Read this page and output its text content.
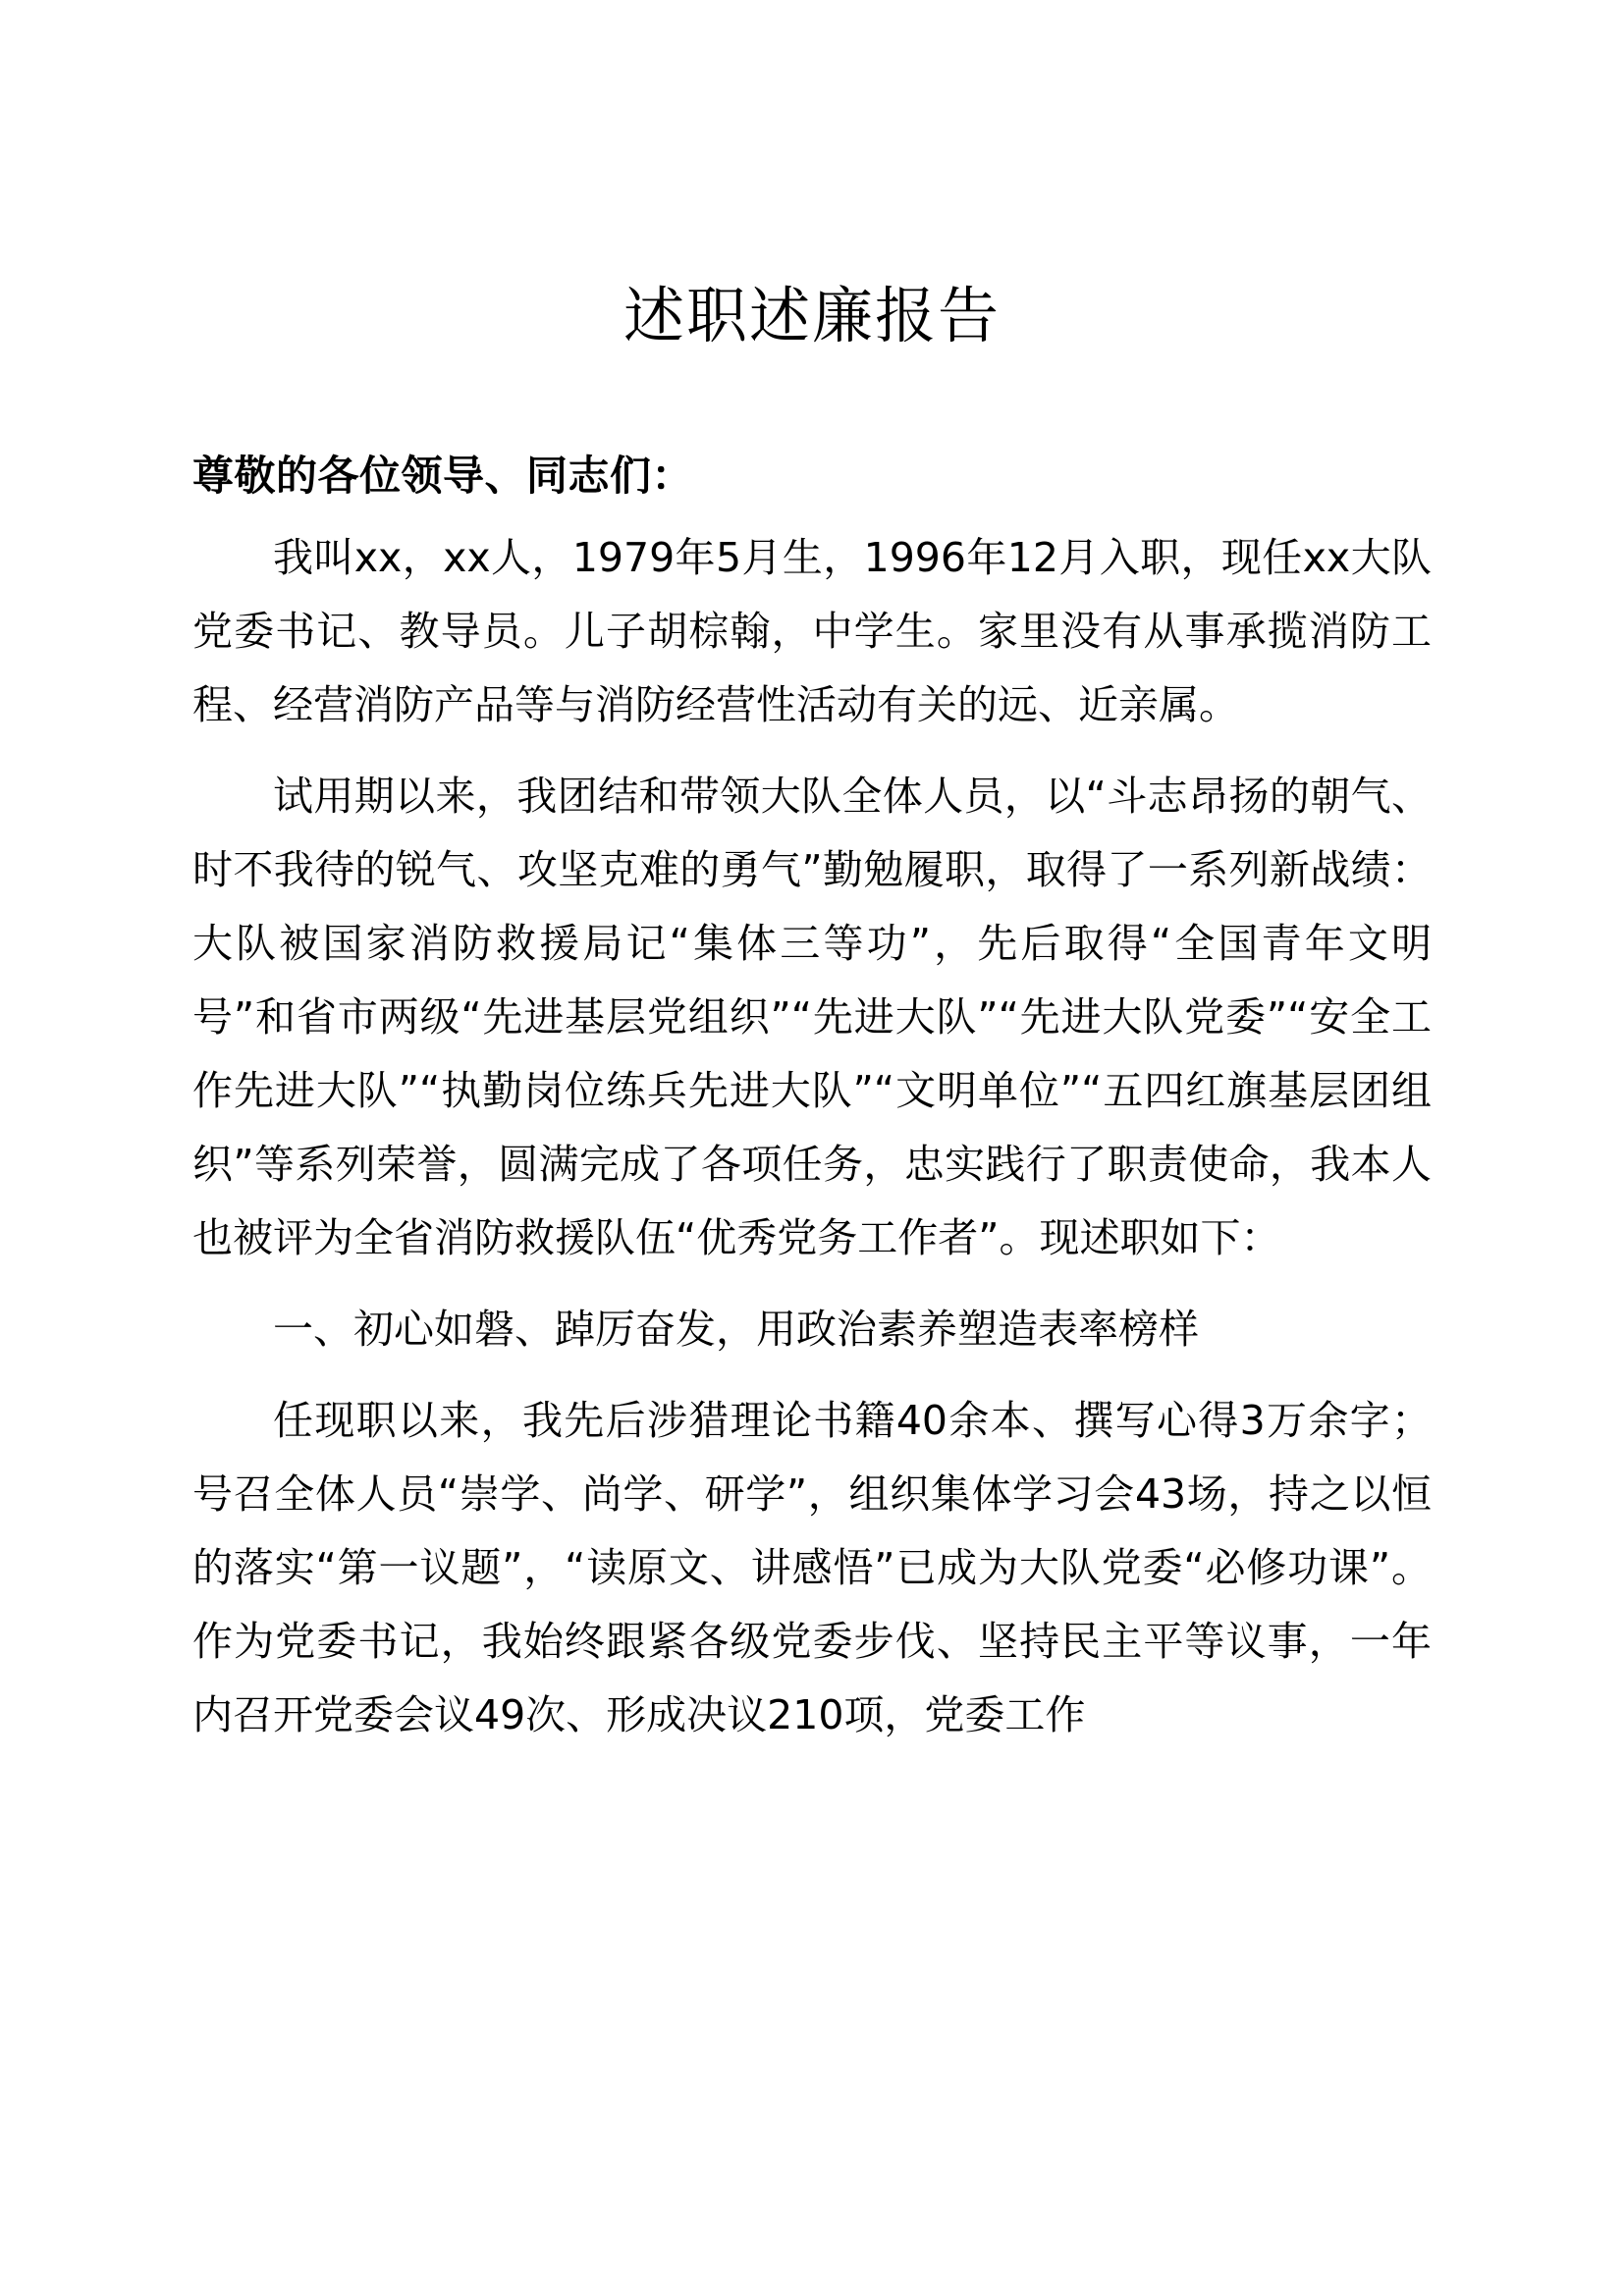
述职述廉报告

尊敬的各位领导、同志们：

我叫xx，xx人，1979年5月生，1996年12月入职，现任xx大队党委书记、教导员。儿子胡棕翰，中学生。家里没有从事承揽消防工程、经营消防产品等与消防经营性活动有关的远、近亲属。

试用期以来，我团结和带领大队全体人员，以“斗志昂扬的朝气、时不我待的锐气、攻坚克难的勇气”勤勉履职，取得了一系列新战绩：大队被国家消防救援局记“集体三等功”，先后取得“全国青年文明号”和省市两级“先进基层党组织”“先进大队”“先进大队党委”“安全工作先进大队”“执勤岗位练兵先进大队”“文明单位”“五四红旗基层团组织”等系列荣誉，圆满完成了各项任务，忠实践行了职责使命，我本人也被评为全省消防救援队伍“优秀党务工作者”。现述职如下：

一、初心如磐、踔厉奋发，用政治素养塑造表率榜样

任现职以来，我先后涉猎理论书籍40余本、撰写心得3万余字；号召全体人员“崇学、尚学、研学”，组织集体学习会43场，持之以恒的落实“第一议题”，“读原文、讲感悟”已成为大队党委“必修功课”。作为党委书记，我始终跟紧各级党委步伐、坚持民主平等议事，一年内召开党委会议49次、形成决议210项，党委工作
